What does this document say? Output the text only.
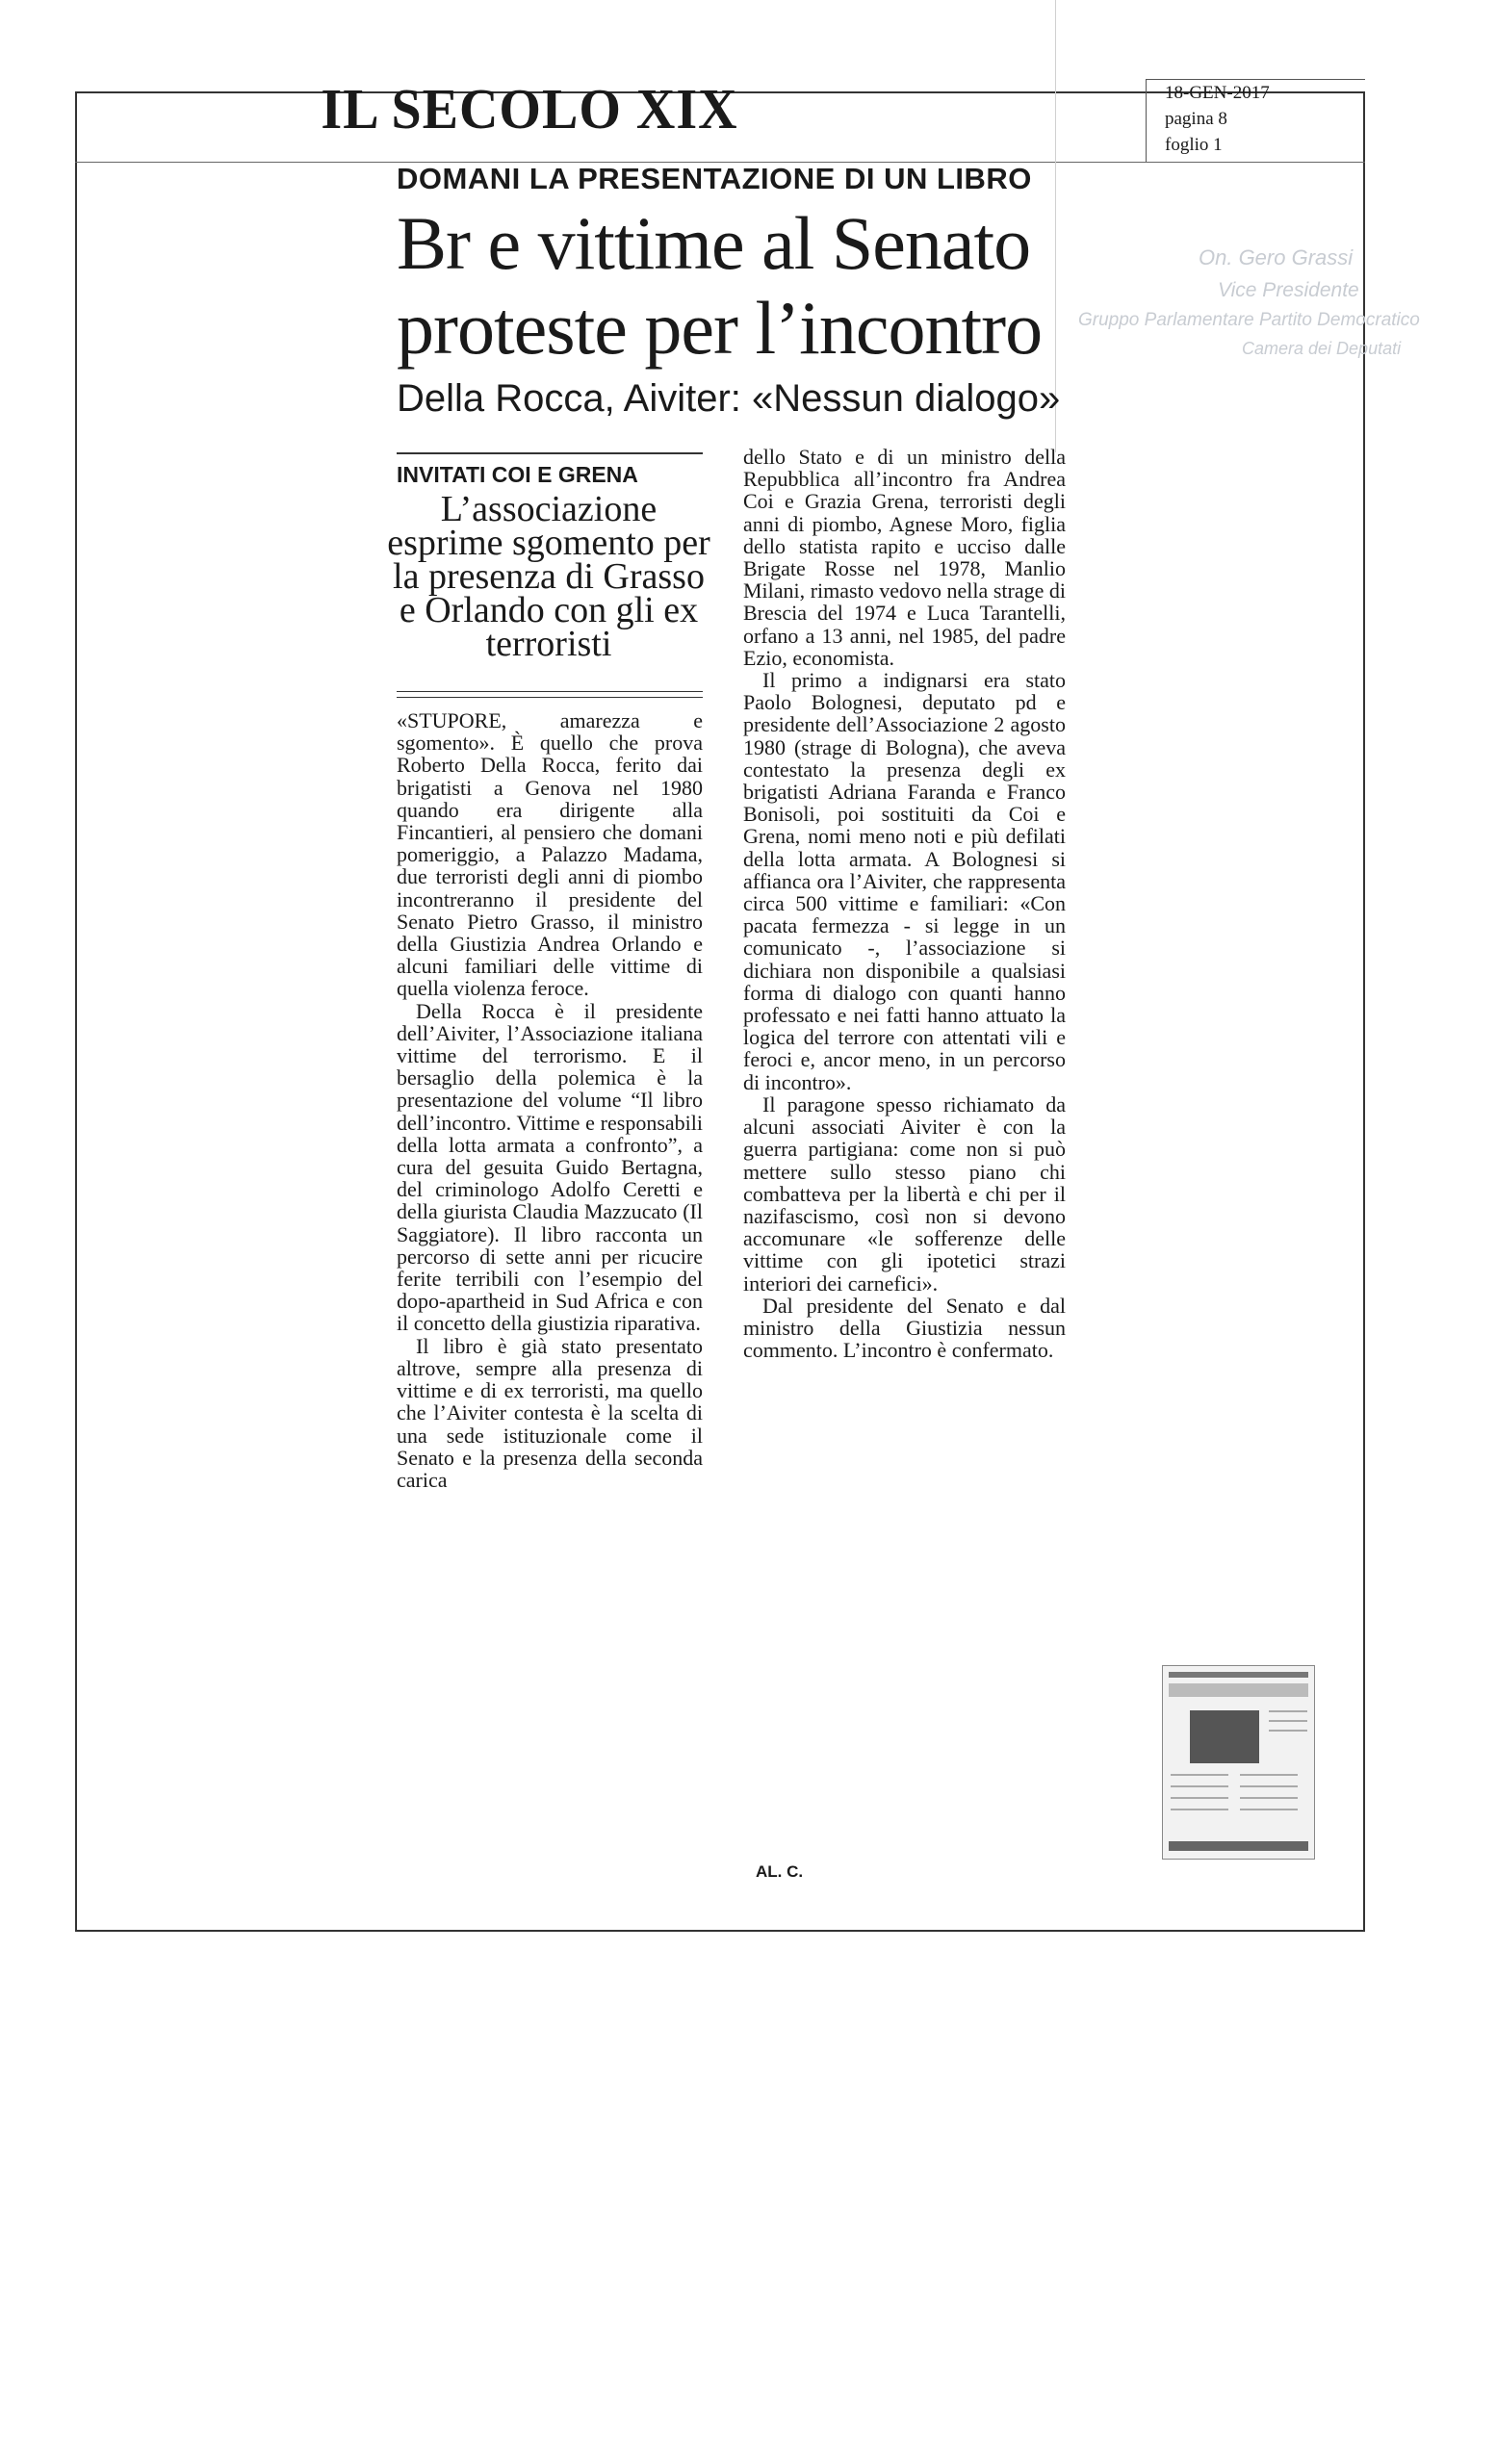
IL SECOLO XIX	18-GEN-2017
pagina 8
foglio 1
On. Gero Grassi
Vice Presidente
Gruppo Parlamentare Partito Democratico
Camera dei Deputati
DOMANI LA PRESENTAZIONE DI UN LIBRO
Br e vittime al Senato
proteste per l’incontro
Della Rocca, Aiviter: «Nessun dialogo»
INVITATI COI E GRENA
L’associazione esprime sgomento per la presenza di Grasso e Orlando con gli ex terroristi

«STUPORE, amarezza e sgomento». È quello che prova Roberto Della Rocca, ferito dai brigatisti a Genova nel 1980 quando era dirigente alla Fincantieri, al pensiero che domani pomeriggio, a Palazzo Madama, due terroristi degli anni di piombo incontreranno il presidente del Senato Pietro Grasso, il ministro della Giustizia Andrea Orlando e alcuni familiari delle vittime di quella violenza feroce.

Della Rocca è il presidente dell’Aiviter, l’Associazione italiana vittime del terrorismo. E il bersaglio della polemica è la presentazione del volume “Il libro dell’incontro. Vittime e responsabili della lotta armata a confronto”, a cura del gesuita Guido Bertagna, del criminologo Adolfo Ceretti e della giurista Claudia Mazzucato (Il Saggiatore). Il libro racconta un percorso di sette anni per ricucire ferite terribili con l’esempio del dopo-apartheid in Sud Africa e con il concetto della giustizia riparativa.

Il libro è già stato presentato altrove, sempre alla presenza di vittime e di ex terroristi, ma quello che l’Aiviter contesta è la scelta di una sede istituzionale come il Senato e la presenza della seconda carica

dello Stato e di un ministro della Repubblica all’incontro fra Andrea Coi e Grazia Grena, terroristi degli anni di piombo, Agnese Moro, figlia dello statista rapito e ucciso dalle Brigate Rosse nel 1978, Manlio Milani, rimasto vedovo nella strage di Brescia del 1974 e Luca Tarantelli, orfano a 13 anni, nel 1985, del padre Ezio, economista.

Il primo a indignarsi era stato Paolo Bolognesi, deputato pd e presidente dell’Associazione 2 agosto 1980 (strage di Bologna), che aveva contestato la presenza degli ex brigatisti Adriana Faranda e Franco Bonisoli, poi sostituiti da Coi e Grena, nomi meno noti e più defilati della lotta armata. A Bolognesi si affianca ora l’Aiviter, che rappresenta circa 500 vittime e familiari: «Con pacata fermezza - si legge in un comunicato -, l’associazione si dichiara non disponibile a qualsiasi forma di dialogo con quanti hanno professato e nei fatti hanno attuato la logica del terrore con attentati vili e feroci e, ancor meno, in un percorso di incontro».

Il paragone spesso richiamato da alcuni associati Aiviter è con la guerra partigiana: come non si può mettere sullo stesso piano chi combatteva per la libertà e chi per il nazifascismo, così non si devono accomunare «le sofferenze delle vittime con gli ipotetici strazi interiori dei carnefici».

Dal presidente del Senato e dal ministro della Giustizia nessun commento. L’incontro è confermato.

AL. C.
